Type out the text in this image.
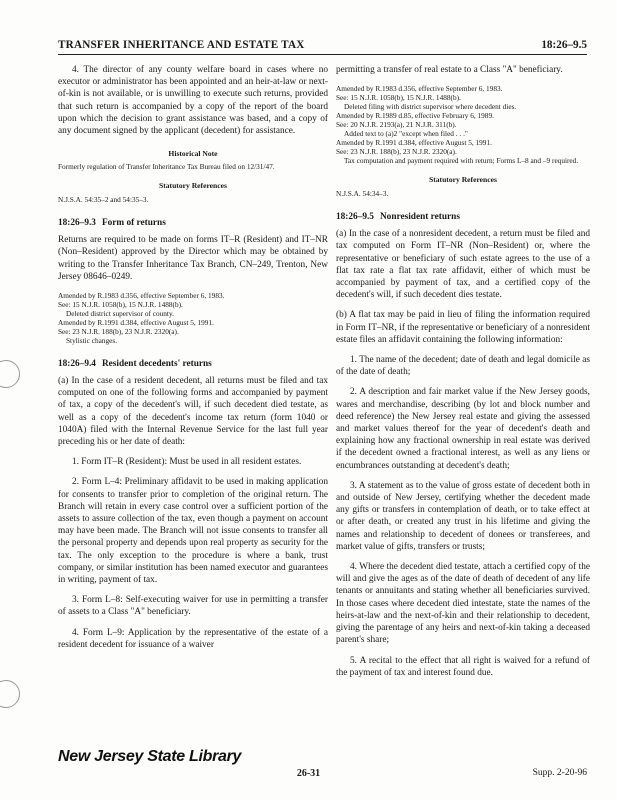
TRANSFER INHERITANCE AND ESTATE TAX	18:26–9.5

4. The director of any county welfare board in cases where no executor or administrator has been appointed and an heir-at-law or next-of-kin is not available, or is unwilling to execute such returns, provided that such return is accompanied by a copy of the report of the board upon which the decision to grant assistance was based, and a copy of any document signed by the applicant (decedent) for assistance.

Historical Note

Formerly regulation of Transfer Inheritance Tax Bureau filed on 12/31/47.

Statutory References

N.J.S.A. 54:35–2 and 54:35–3.

18:26–9.3 Form of returns

Returns are required to be made on forms IT–R (Resident) and IT–NR (Non–Resident) approved by the Director which may be obtained by writing to the Transfer Inheritance Tax Branch, CN–249, Trenton, New Jersey 08646–0249.

Amended by R.1983 d.356, effective September 6, 1983.

See: 15 N.J.R. 1058(b), 15 N.J.R. 1488(b).

Deleted district supervisor of county.

Amended by R.1991 d.384, effective August 5, 1991.

See: 23 N.J.R. 188(b), 23 N.J.R. 2320(a).

Stylistic changes.

18:26–9.4 Resident decedents' returns

(a) In the case of a resident decedent, all returns must be filed and tax computed on one of the following forms and accompanied by payment of tax, a copy of the decedent's will, if such decedent died testate, as well as a copy of the decedent's income tax return (form 1040 or 1040A) filed with the Internal Revenue Service for the last full year preceding his or her date of death:

1. Form IT–R (Resident): Must be used in all resident estates.

2. Form L–4: Preliminary affidavit to be used in making application for consents to transfer prior to completion of the original return. The Branch will retain in every case control over a sufficient portion of the assets to assure collection of the tax, even though a payment on account may have been made. The Branch will not issue consents to transfer all the personal property and depends upon real property as security for the tax. The only exception to the procedure is where a bank, trust company, or similar institution has been named executor and guarantees in writing, payment of tax.

3. Form L–8: Self-executing waiver for use in permitting a transfer of assets to a Class "A" beneficiary.

4. Form L–9: Application by the representative of the estate of a resident decedent for issuance of a waiver

permitting a transfer of real estate to a Class "A" beneficiary.

Amended by R.1983 d.356, effective September 6, 1983.

See: 15 N.J.R. 1058(b), 15 N.J.R. 1488(b).

Deleted filing with district supervisor where decedent dies.

Amended by R.1989 d.85, effective February 6, 1989.

See: 20 N.J.R. 2193(a), 21 N.J.R. 311(b).

Added text to (a)2 "except when filed . . ."

Amended by R.1991 d.384, effective August 5, 1991.

See: 23 N.J.R. 188(b), 23 N.J.R. 2320(a).

Tax computation and payment required with return; Forms L–8 and –9 required.

Statutory References

N.J.S.A. 54:34–3.

18:26–9.5 Nonresident returns

(a) In the case of a nonresident decedent, a return must be filed and tax computed on Form IT–NR (Non–Resident) or, where the representative or beneficiary of such estate agrees to the use of a flat tax rate a flat tax rate affidavit, either of which must be accompanied by payment of tax, and a certified copy of the decedent's will, if such decedent dies testate.

(b) A flat tax may be paid in lieu of filing the information required in Form IT–NR, if the representative or beneficiary of a nonresident estate files an affidavit containing the following information:

1. The name of the decedent; date of death and legal domicile as of the date of death;

2. A description and fair market value if the New Jersey goods, wares and merchandise, describing (by lot and block number and deed reference) the New Jersey real estate and giving the assessed and market values thereof for the year of decedent's death and explaining how any fractional ownership in real estate was derived if the decedent owned a fractional interest, as well as any liens or encumbrances outstanding at decedent's death;

3. A statement as to the value of gross estate of decedent both in and outside of New Jersey, certifying whether the decedent made any gifts or transfers in contemplation of death, or to take effect at or after death, or created any trust in his lifetime and giving the names and relationship to decedent of donees or transferees, and market value of gifts, transfers or trusts;

4. Where the decedent died testate, attach a certified copy of the will and give the ages as of the date of death of decedent of any life tenants or annuitants and stating whether all beneficiaries survived. In those cases where decedent died intestate, state the names of the heirs-at-law and the next-of-kin and their relationship to decedent, giving the parentage of any heirs and next-of-kin taking a deceased parent's share;

5. A recital to the effect that all right is waived for a refund of the payment of tax and interest found due.

New Jersey State Library
26-31	Supp. 2-20-96
